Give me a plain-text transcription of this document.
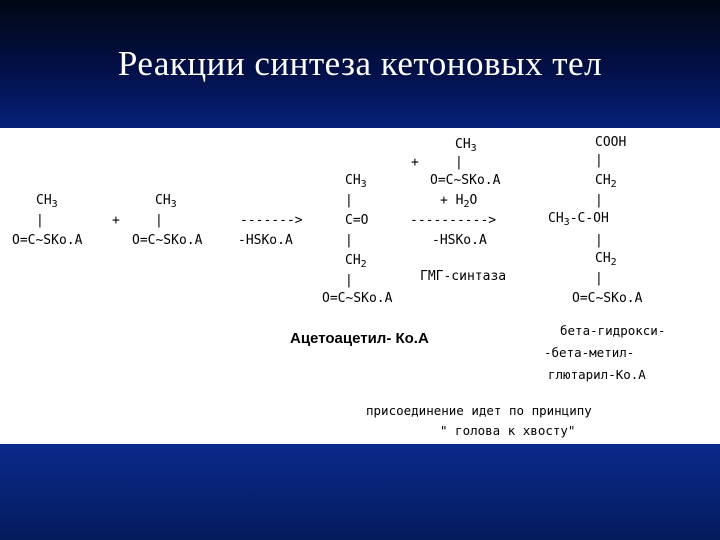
Реакции синтеза кетоновых тел
$CH_3$
|
O=C~SKo.A
+
$CH_3$
|
O=C~SKo.A
------->
-HSKo.A
$CH_3$
|
C=O
|
$CH_2$
|
O=C~SKo.A
Ацетоацетил- Ко.А
$CH_3$
+	|
O=C~SKo.A
+ $H_2O$
---------->
-HSKo.A
ГМГ-синтаза
COOH
|
$CH_2$
|
$CH_3-C-OH$
|
$CH_2$
|
O=C~SKo.A
бета-гидрокси-
-бета-метил-
глютарил-Ко.А
присоединение идет по принципу
" голова к хвосту"
